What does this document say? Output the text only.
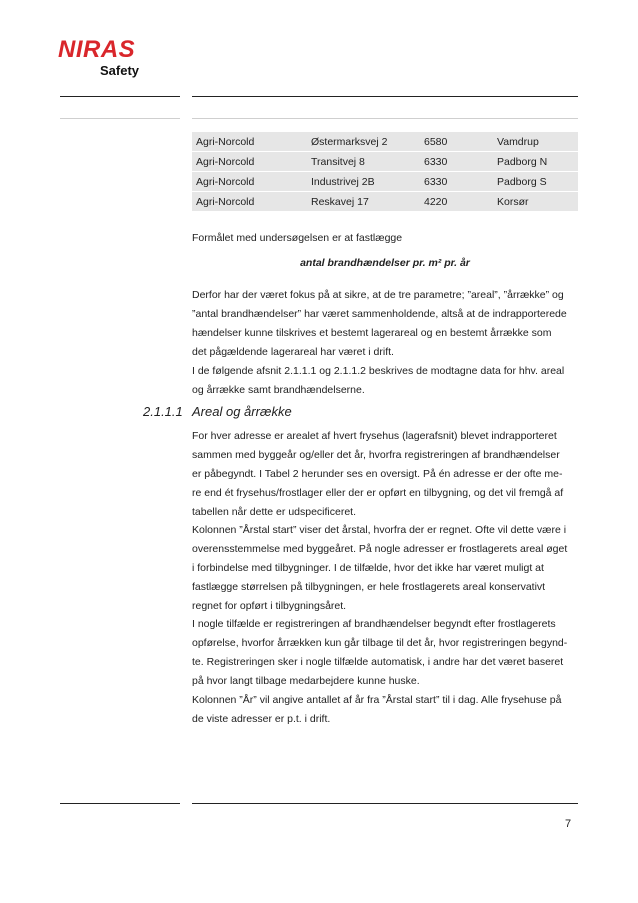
NIRAS
Safety
Agri-Norcold	Østermarksvej 2	6580	Vamdrup
Agri-Norcold	Transitvej 8	6330	Padborg N
Agri-Norcold	Industrivej 2B	6330	Padborg S
Agri-Norcold	Reskavej 17	4220	Korsør

Formålet med undersøgelsen er at fastlægge

antal brandhændelser pr. m² pr. år

Derfor har der været fokus på at sikre, at de tre parametre; ”areal”, ”årrække” og

”antal brandhændelser” har været sammenholdende, altså at de indrapporterede

hændelser kunne tilskrives et bestemt lagerareal og en bestemt årrække som

det pågældende lagerareal har været i drift.

I de følgende afsnit 2.1.1.1 og 2.1.1.2 beskrives de modtagne data for hhv. areal

og årrække samt brandhændelserne.

2.1.1.1 Areal og årrække

For hver adresse er arealet af hvert frysehus (lagerafsnit) blevet indrapporteret

sammen med byggeår og/eller det år, hvorfra registreringen af brandhændelser

er påbegyndt. I Tabel 2 herunder ses en oversigt. På én adresse er der ofte me-

re end ét frysehus/frostlager eller der er opført en tilbygning, og det vil fremgå af

tabellen når dette er udspecificeret.

Kolonnen ”Årstal start” viser det årstal, hvorfra der er regnet. Ofte vil dette være i

overensstemmelse med byggeåret. På nogle adresser er frostlagerets areal øget

i forbindelse med tilbygninger. I de tilfælde, hvor det ikke har været muligt at

fastlægge størrelsen på tilbygningen, er hele frostlagerets areal konservativt

regnet for opført i tilbygningsåret.

I nogle tilfælde er registreringen af brandhændelser begyndt efter frostlagerets

opførelse, hvorfor årrækken kun går tilbage til det år, hvor registreringen begynd-

te. Registreringen sker i nogle tilfælde automatisk, i andre har det været baseret

på hvor langt tilbage medarbejdere kunne huske.

Kolonnen ”År” vil angive antallet af år fra ”Årstal start” til i dag. Alle frysehuse på

de viste adresser er p.t. i drift.

7
